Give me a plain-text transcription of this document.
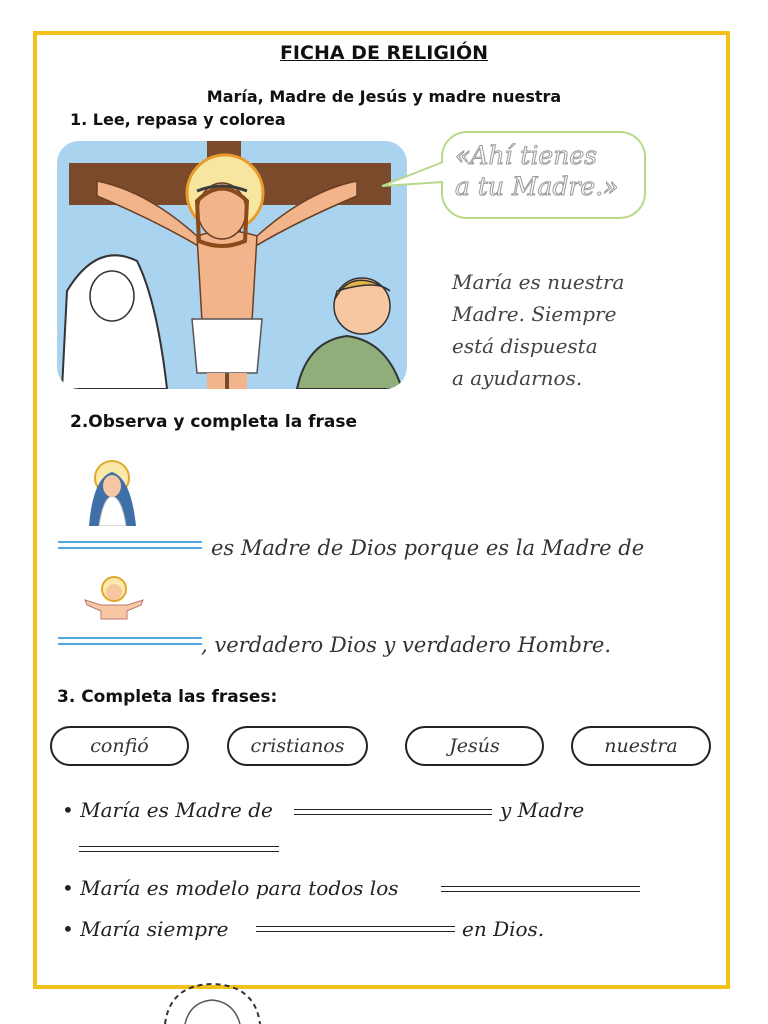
FICHA DE RELIGIÓN
María, Madre de Jesús y madre nuestra
1. Lee, repasa y colorea
«Ahí tienes
a tu Madre.»
María es nuestra
Madre. Siempre
está dispuesta
a ayudarnos.
2.Observa y completa la frase
es Madre de Dios porque es la Madre de
, verdadero Dios y verdadero Hombre.
3. Completa las frases:
confió	cristianos	Jesús	nuestra
• María es Madre de	y Madre
• María es modelo para todos los
• María siempre	en Dios.
